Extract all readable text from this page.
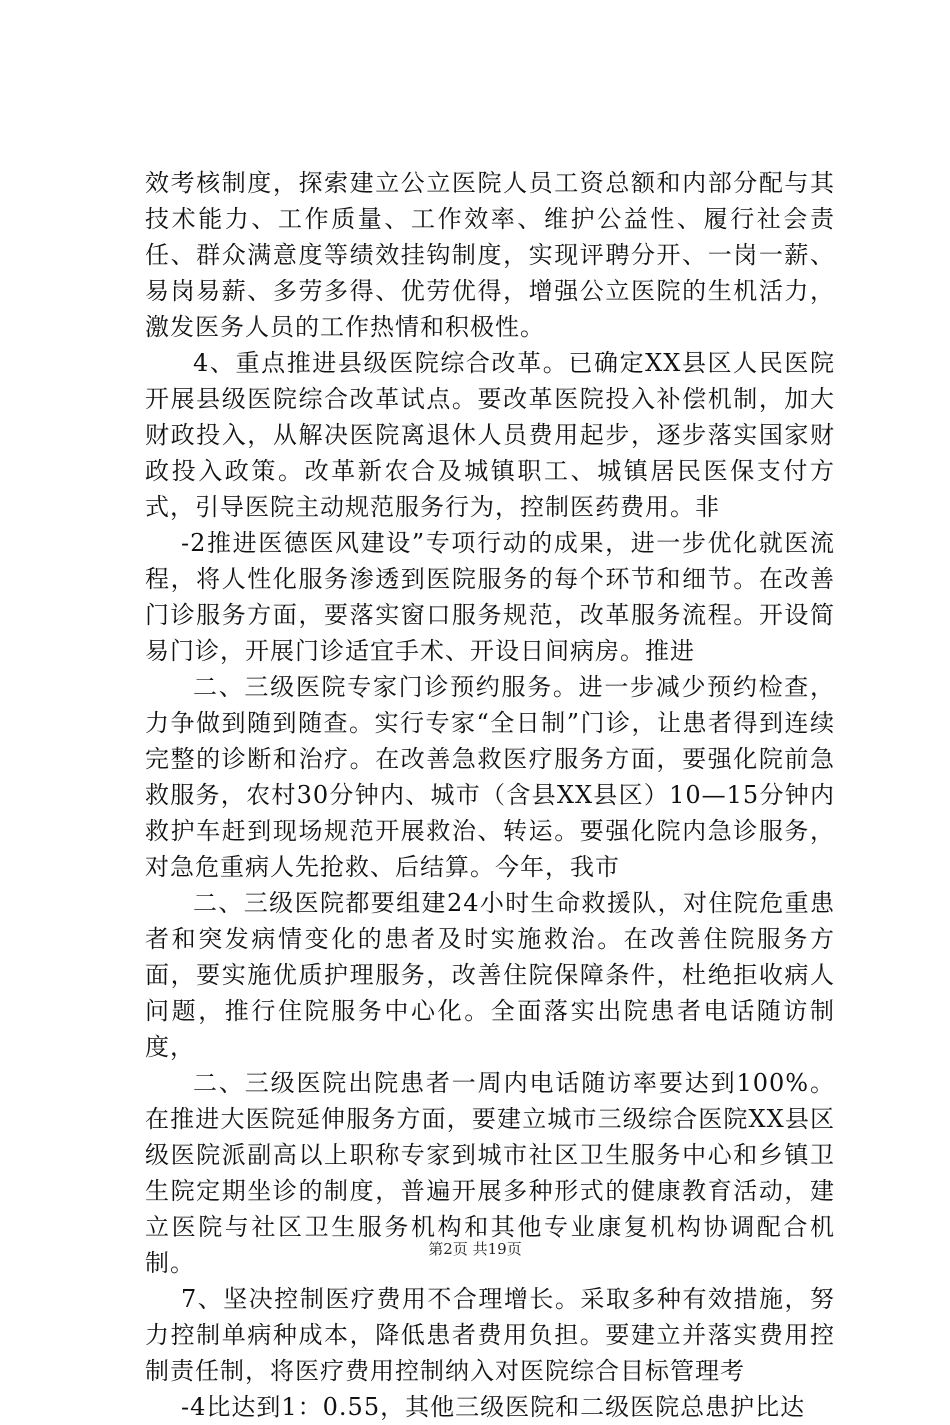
效考核制度，探索建立公立医院人员工资总额和内部分配与其技术能力、工作质量、工作效率、维护公益性、履行社会责任、群众满意度等绩效挂钩制度，实现评聘分开、一岗一薪、易岗易薪、多劳多得、优劳优得，增强公立医院的生机活力，激发医务人员的工作热情和积极性。

4、重点推进县级医院综合改革。已确定XX县区人民医院开展县级医院综合改革试点。要改革医院投入补偿机制，加大财政投入，从解决医院离退休人员费用起步，逐步落实国家财政投入政策。改革新农合及城镇职工、城镇居民医保支付方式，引导医院主动规范服务行为，控制医药费用。非

-2推进医德医风建设”专项行动的成果，进一步优化就医流程，将人性化服务渗透到医院服务的每个环节和细节。在改善门诊服务方面，要落实窗口服务规范，改革服务流程。开设简易门诊，开展门诊适宜手术、开设日间病房。推进

二、三级医院专家门诊预约服务。进一步减少预约检查，力争做到随到随查。实行专家“全日制”门诊，让患者得到连续完整的诊断和治疗。在改善急救医疗服务方面，要强化院前急救服务，农村30分钟内、城市（含县XX县区）10—15分钟内救护车赶到现场规范开展救治、转运。要强化院内急诊服务，对急危重病人先抢救、后结算。今年，我市

二、三级医院都要组建24小时生命救援队，对住院危重患者和突发病情变化的患者及时实施救治。在改善住院服务方面，要实施优质护理服务，改善住院保障条件，杜绝拒收病人问题，推行住院服务中心化。全面落实出院患者电话随访制度，

二、三级医院出院患者一周内电话随访率要达到100%。在推进大医院延伸服务方面，要建立城市三级综合医院XX县区级医院派副高以上职称专家到城市社区卫生服务中心和乡镇卫生院定期坐诊的制度，普遍开展多种形式的健康教育活动，建立医院与社区卫生服务机构和其他专业康复机构协调配合机制。

7、坚决控制医疗费用不合理增长。采取多种有效措施，努力控制单病种成本，降低患者费用负担。要建立并落实费用控制责任制，将医疗费用控制纳入对医院综合目标管理考

-4比达到1：0.55，其他三级医院和二级医院总患护比达

第2页 共19页
